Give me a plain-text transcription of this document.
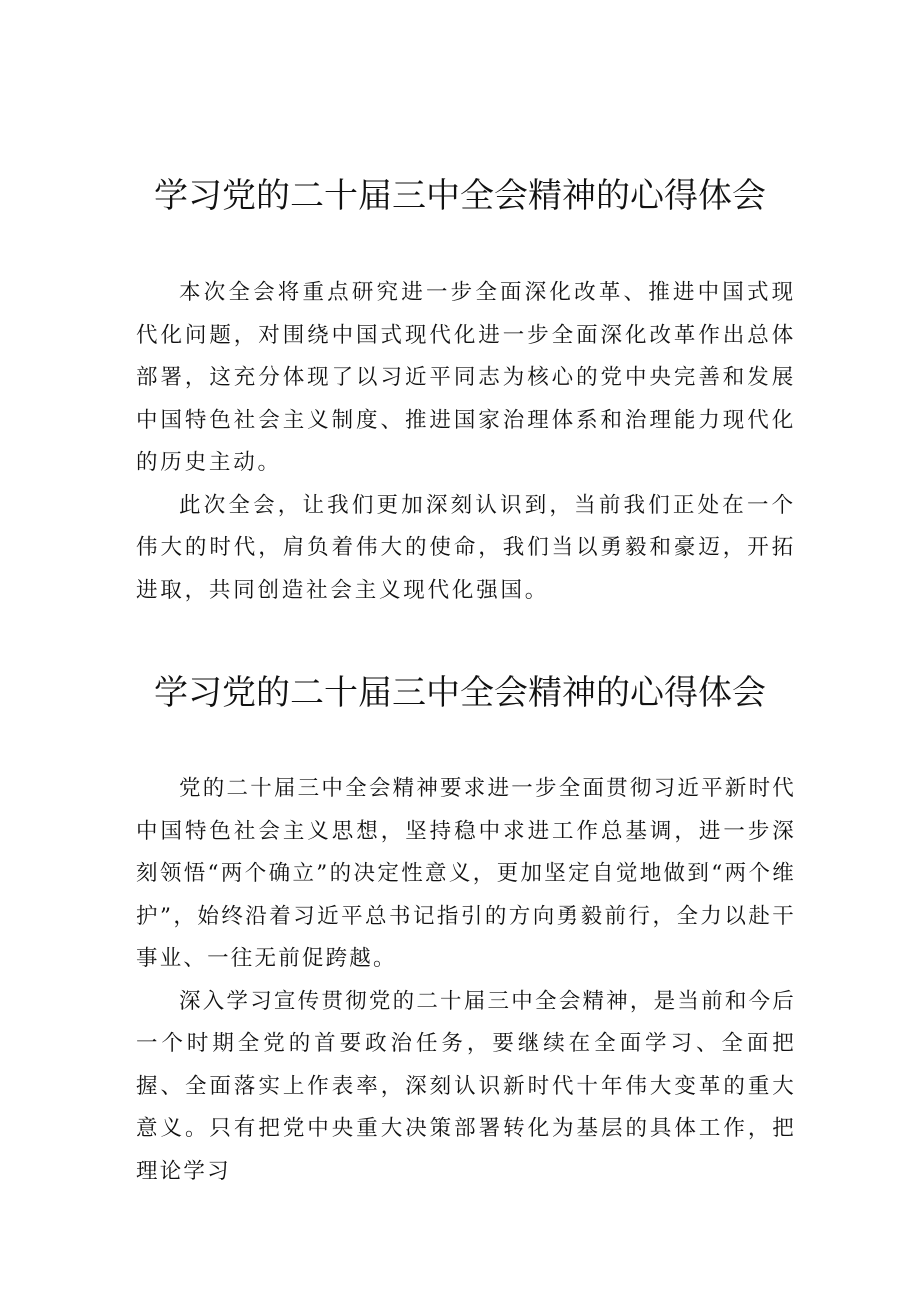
学习党的二十届三中全会精神的心得体会

本次全会将重点研究进一步全面深化改革、推进中国式现代化问题，对围绕中国式现代化进一步全面深化改革作出总体部署，这充分体现了以习近平同志为核心的党中央完善和发展中国特色社会主义制度、推进国家治理体系和治理能力现代化的历史主动。

此次全会，让我们更加深刻认识到，当前我们正处在一个伟大的时代，肩负着伟大的使命，我们当以勇毅和豪迈，开拓进取，共同创造社会主义现代化强国。

学习党的二十届三中全会精神的心得体会

党的二十届三中全会精神要求进一步全面贯彻习近平新时代中国特色社会主义思想，坚持稳中求进工作总基调，进一步深刻领悟“两个确立”的决定性意义，更加坚定自觉地做到“两个维护”，始终沿着习近平总书记指引的方向勇毅前行，全力以赴干事业、一往无前促跨越。

深入学习宣传贯彻党的二十届三中全会精神，是当前和今后一个时期全党的首要政治任务，要继续在全面学习、全面把握、全面落实上作表率，深刻认识新时代十年伟大变革的重大意义。只有把党中央重大决策部署转化为基层的具体工作，把理论学习
